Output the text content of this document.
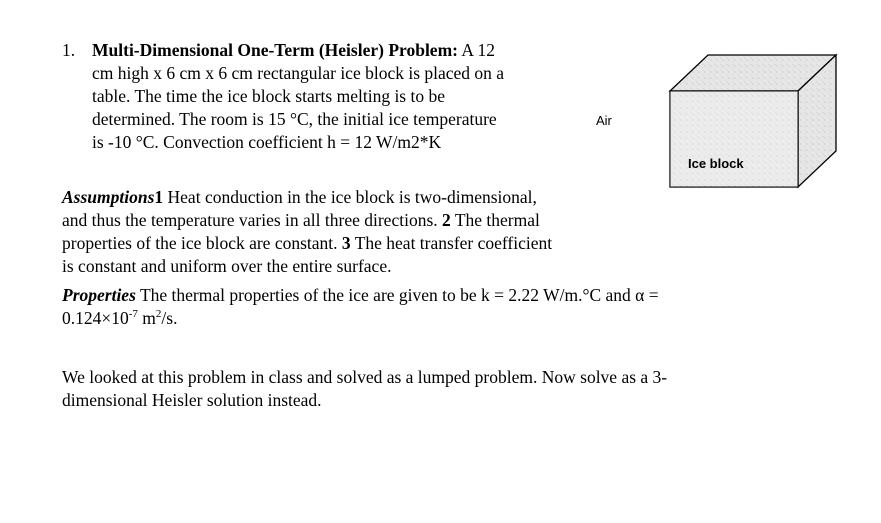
1. Multi-Dimensional One-Term (Heisler) Problem: A 12
cm high x 6 cm x 6 cm rectangular ice block is placed on a
table. The time the ice block starts melting is to be
determined. The room is 15 °C, the initial ice temperature
is -10 °C. Convection coefficient h = 12 W/m2*K
Air
Ice block
Assumptions1 Heat conduction in the ice block is two-dimensional,
and thus the temperature varies in all three directions. 2 The thermal
properties of the ice block are constant. 3 The heat transfer coefficient
is constant and uniform over the entire surface.
Properties The thermal properties of the ice are given to be k = 2.22 W/m.°C and α =
$0.124\times 10^{-7}$ $m^2/s$.
We looked at this problem in class and solved as a lumped problem. Now solve as a 3-
dimensional Heisler solution instead.
